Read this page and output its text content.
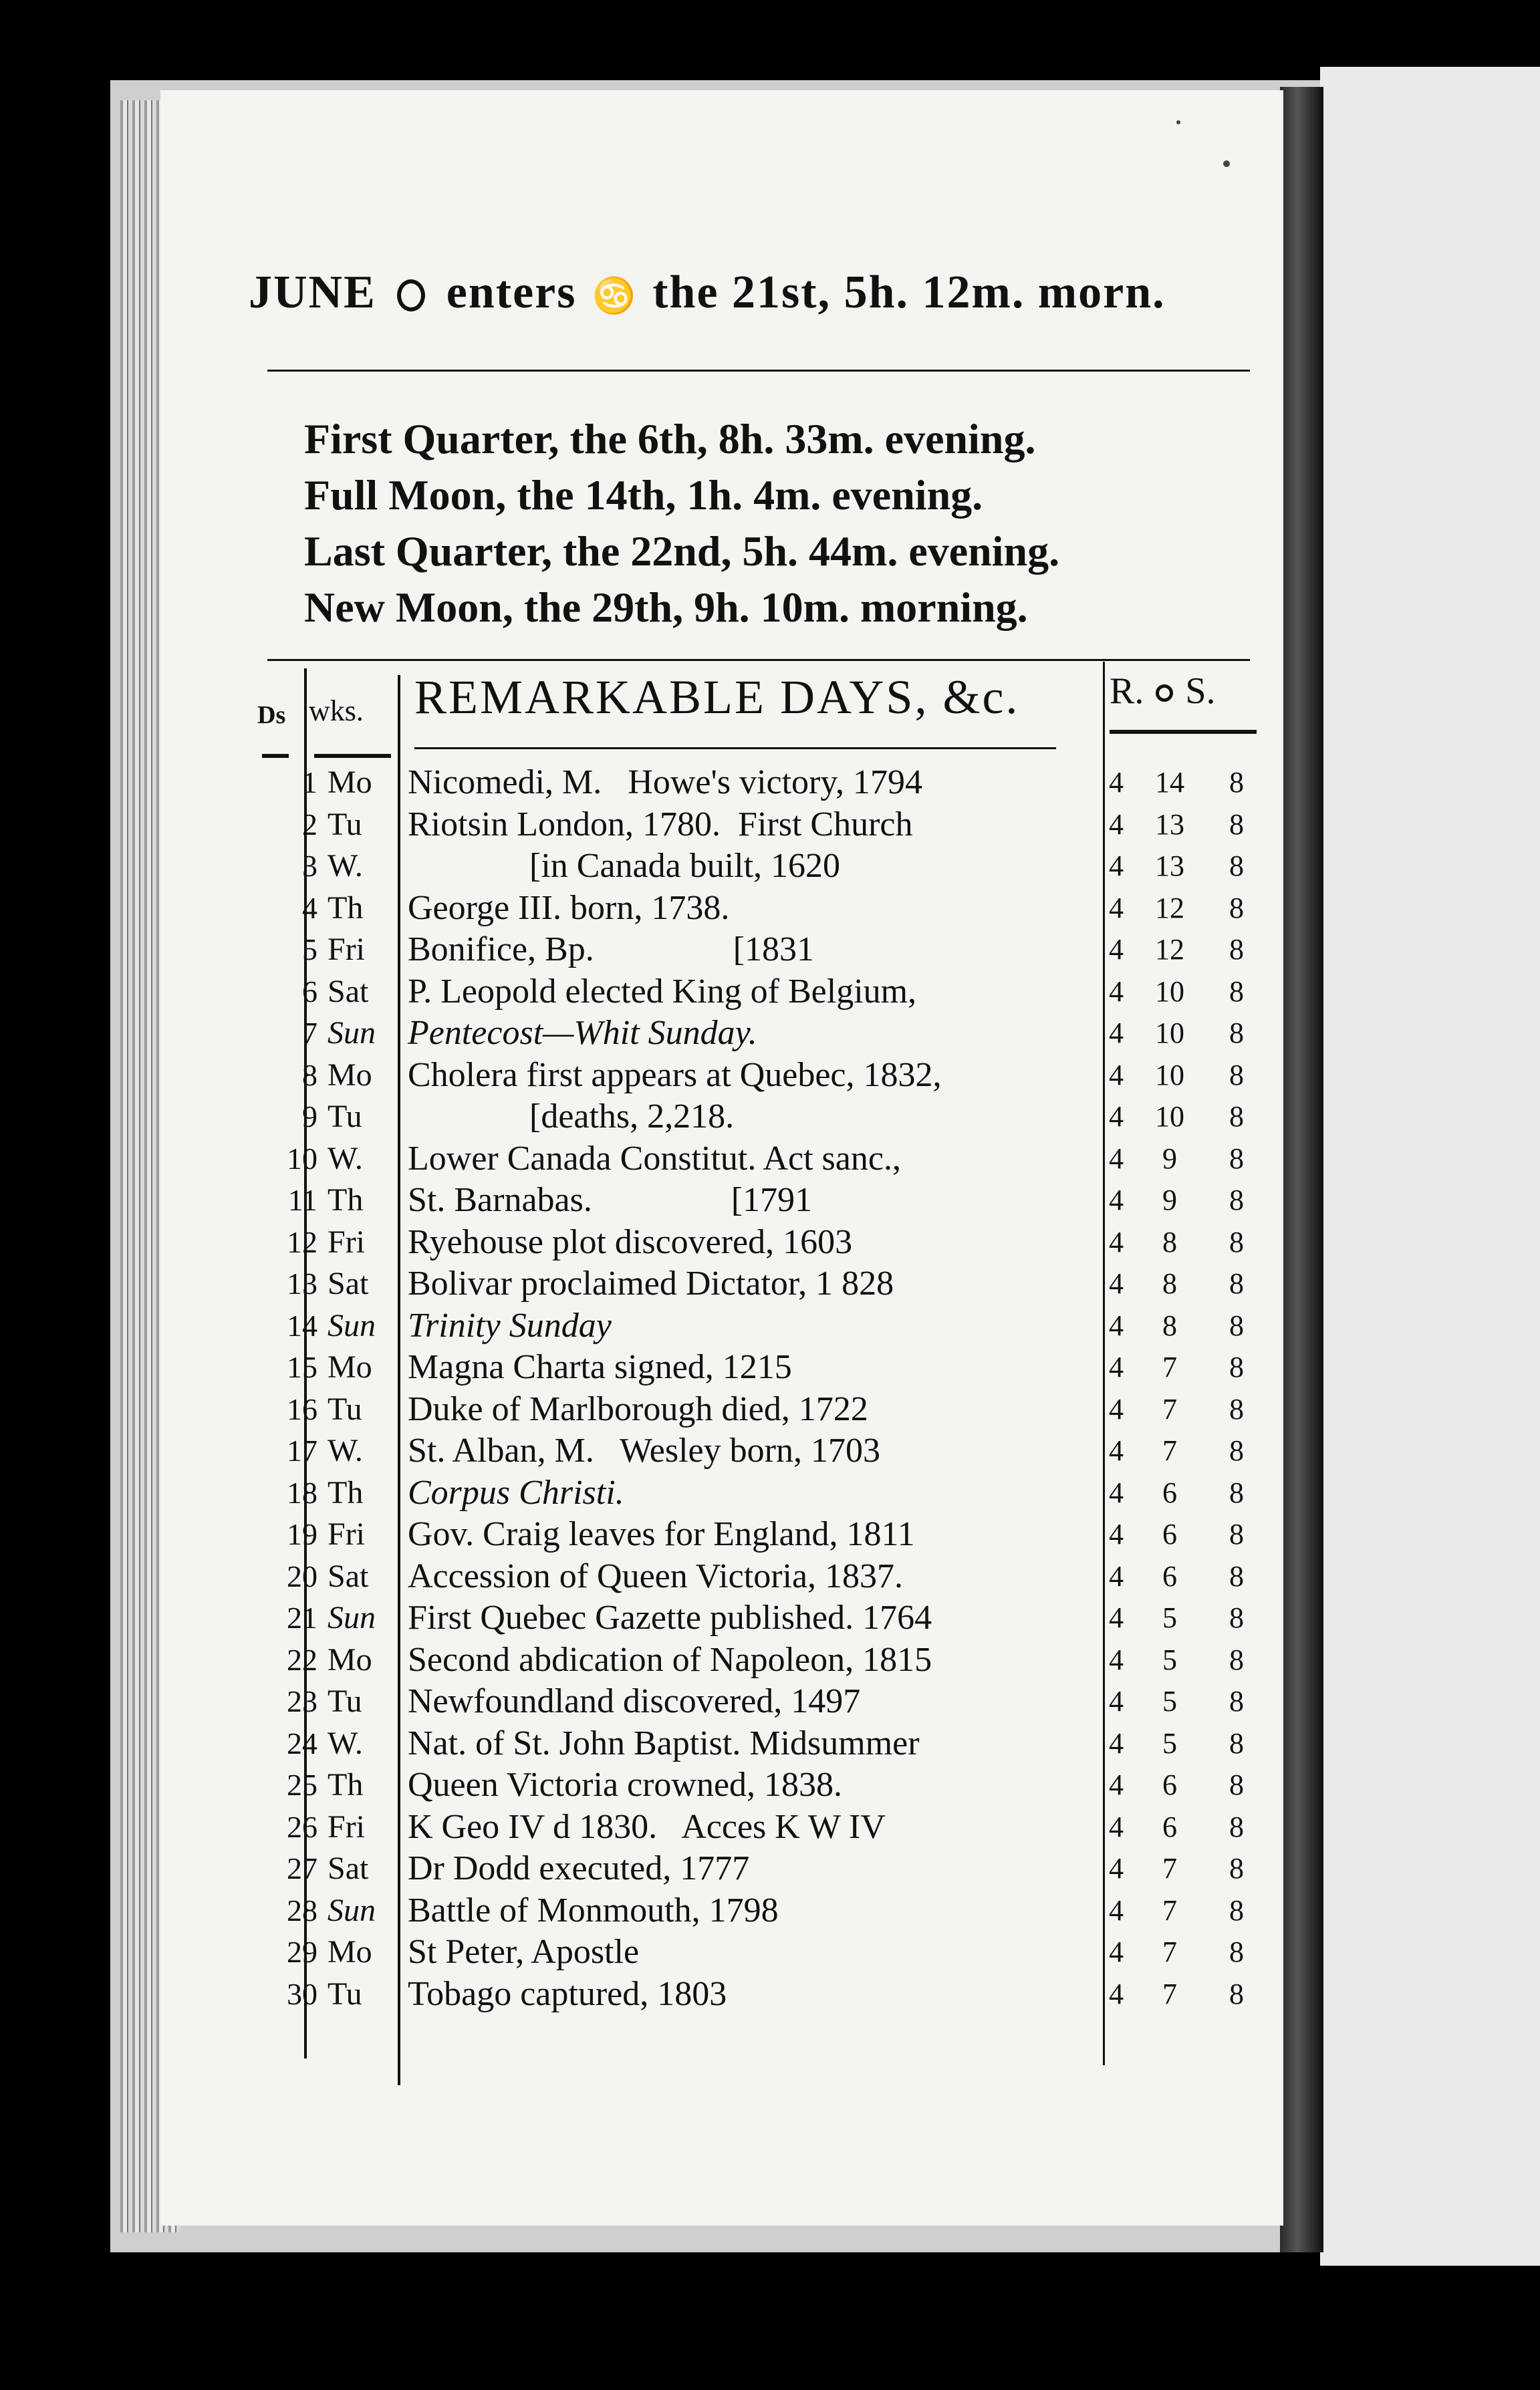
JUNE enters ♋ the 21st, 5h. 12m. morn.
First Quarter, the 6th, 8h. 33m. evening.
Full Moon, the 14th, 1h. 4m. evening.
Last Quarter, the 22nd, 5h. 44m. evening.
New Moon, the 29th, 9h. 10m. morning.
Ds wks. REMARKABLE DAYS, &c. R. S.
1 Mo Nicomedi, M.   Howe's victory, 1794	4 14 8
2 Tu Riotsin London, 1780.  First Church	4 13 8
3 W. [in Canada built, 1620	4 13 8
4 Th George III. born, 1738.	4 12 8
5 Fri Bonifice, Bp.                [1831	4 12 8
6 Sat P. Leopold elected King of Belgium,	4 10 8
7 Sun Pentecost—Whit Sunday.	4 10 8
8 Mo Cholera first appears at Quebec, 1832,	4 10 8
9 Tu [deaths, 2,218.	4 10 8
10 W. Lower Canada Constitut. Act sanc.,	4	9	8
11 Th St. Barnabas.                [1791	4	9	8
12 Fri Ryehouse plot discovered, 1603	4	8	8
13 Sat Bolivar proclaimed Dictator, 1 828	4	8	8
14 Sun Trinity Sunday	4	8	8
15 Mo Magna Charta signed, 1215	4	7	8
16 Tu Duke of Marlborough died, 1722	4	7	8
17 W. St. Alban, M.   Wesley born, 1703	4	7	8
18 Th Corpus Christi.	4	6	8
19 Fri Gov. Craig leaves for England, 1811	4	6	8
20 Sat Accession of Queen Victoria, 1837.	4	6	8
21 Sun First Quebec Gazette published. 1764	4	5	8
22 Mo Second abdication of Napoleon, 1815	4	5	8
23 Tu Newfoundland discovered, 1497	4	5	8
24 W. Nat. of St. John Baptist. Midsummer	4	5	8
25 Th Queen Victoria crowned, 1838.	4	6	8
26 Fri K Geo IV d 1830.   Acces K W IV	4	6	8
27 Sat Dr Dodd executed, 1777	4	7	8
28 Sun Battle of Monmouth, 1798	4	7	8
29 Mo St Peter, Apostle	4	7	8
30 Tu Tobago captured, 1803	4	7	8
